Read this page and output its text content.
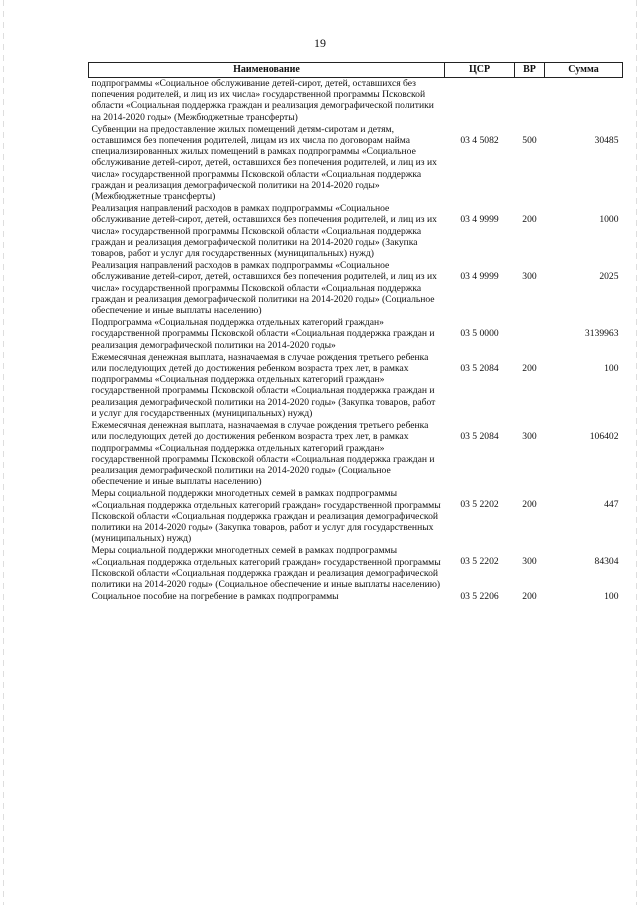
19
Наименование	ЦСР	ВР	Сумма
подпрограммы «Социальное обслуживание детей-сирот, детей, оставшихся без попечения родителей, и лиц из их числа» государственной программы Псковской области «Социальная поддержка граждан и реализация демографической политики на 2014-2020 годы» (Межбюджетные трансферты)			
Субвенции на предоставление жилых помещений детям-сиротам и детям, оставшимся без попечения родителей, лицам из их числа по договорам найма специализированных жилых помещений в рамках подпрограммы «Социальное обслуживание детей-сирот, детей, оставшихся без попечения родителей, и лиц из их числа» государственной программы Псковской области «Социальная поддержка граждан и реализация демографической политики на 2014-2020 годы» (Межбюджетные трансферты)	03 4 5082	500	30485
Реализация направлений расходов в рамках подпрограммы «Социальное обслуживание детей-сирот, детей, оставшихся без попечения родителей, и лиц из их числа» государственной программы Псковской области «Социальная поддержка граждан и реализация демографической политики на 2014-2020 годы» (Закупка товаров, работ и услуг для государственных (муниципальных) нужд)	03 4 9999	200	1000
Реализация направлений расходов в рамках подпрограммы «Социальное обслуживание детей-сирот, детей, оставшихся без попечения родителей, и лиц из их числа» государственной программы Псковской области «Социальная поддержка граждан и реализация демографической политики на 2014-2020 годы» (Социальное обеспечение и иные выплаты населению)	03 4 9999	300	2025
Подпрограмма «Социальная поддержка отдельных категорий граждан» государственной программы Псковской области «Социальная поддержка граждан и реализация демографической политики на 2014-2020 годы»	03 5 0000		3139963
Ежемесячная денежная выплата, назначаемая в случае рождения третьего ребенка или последующих детей до достижения ребенком возраста трех лет, в рамках подпрограммы «Социальная поддержка отдельных категорий граждан» государственной программы Псковской области «Социальная поддержка граждан и реализация демографической политики на 2014-2020 годы» (Закупка товаров, работ и услуг для государственных (муниципальных) нужд)	03 5 2084	200	100
Ежемесячная денежная выплата, назначаемая в случае рождения третьего ребенка или последующих детей до достижения ребенком возраста трех лет, в рамках подпрограммы «Социальная поддержка отдельных категорий граждан» государственной программы Псковской области «Социальная поддержка граждан и реализация демографической политики на 2014-2020 годы» (Социальное обеспечение и иные выплаты населению)	03 5 2084	300	106402
Меры социальной поддержки многодетных семей в рамках подпрограммы «Социальная поддержка отдельных категорий граждан» государственной программы Псковской области «Социальная поддержка граждан и реализация демографической политики на 2014-2020 годы» (Закупка товаров, работ и услуг для государственных (муниципальных) нужд)	03 5 2202	200	447
Меры социальной поддержки многодетных семей в рамках подпрограммы «Социальная поддержка отдельных категорий граждан» государственной программы Псковской области «Социальная поддержка граждан и реализация демографической политики на 2014-2020 годы» (Социальное обеспечение и иные выплаты населению)	03 5 2202	300	84304
Социальное пособие на погребение в рамках подпрограммы	03 5 2206	200	100
